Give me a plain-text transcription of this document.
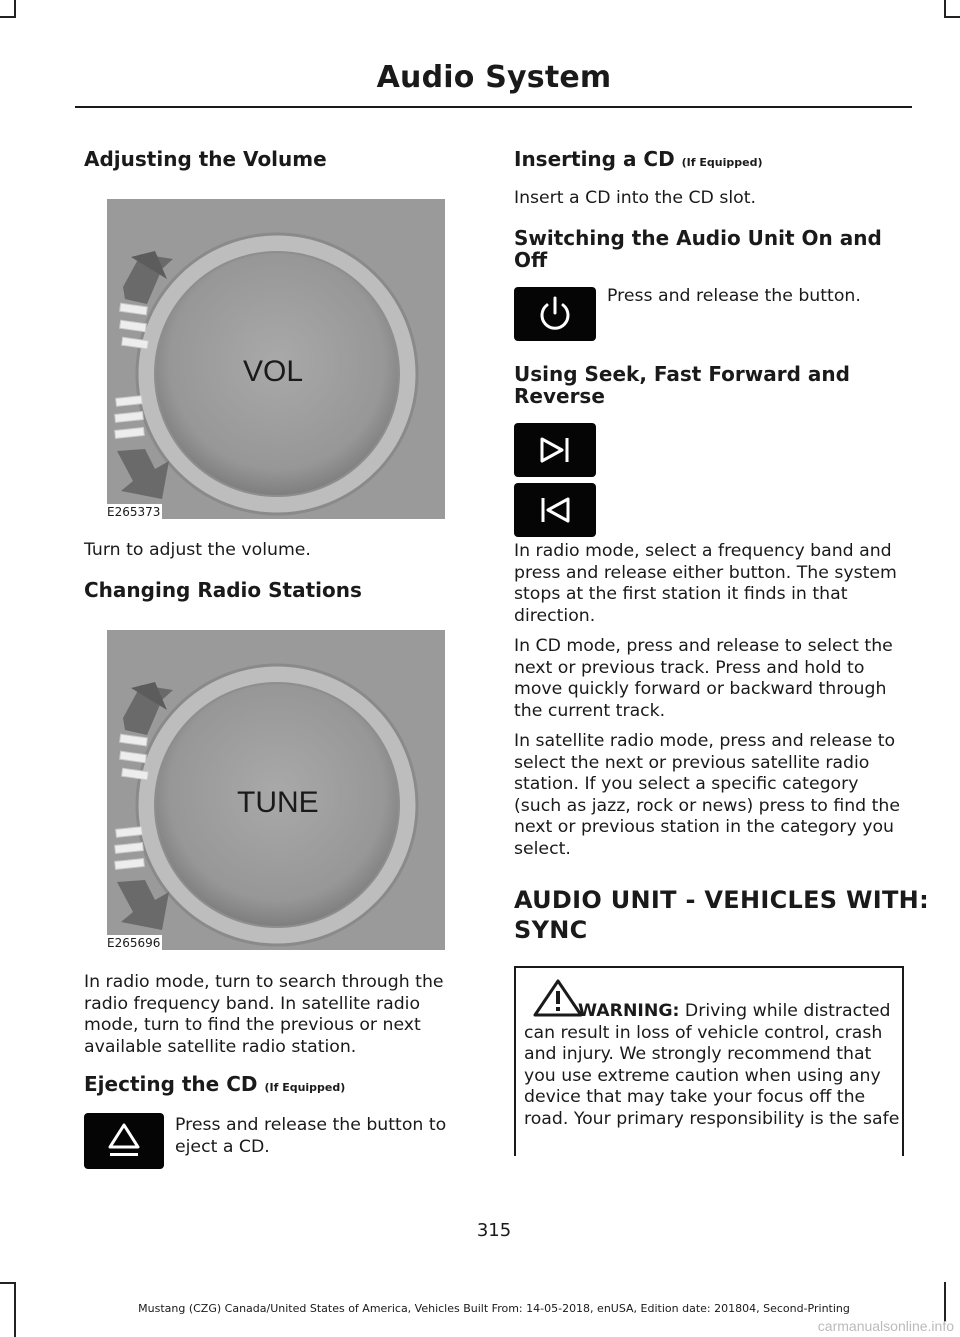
Audio System
Adjusting the Volume
VOL
E265373
Turn to adjust the volume.
Changing Radio Stations
TUNE
E265696
In radio mode, turn to search through the radio frequency band. In satellite radio mode, turn to find the previous or next available satellite radio station.
Ejecting the CD (If Equipped)
Press and release the button to eject a CD.
Inserting a CD (If Equipped)
Insert a CD into the CD slot.
Switching the Audio Unit On and Off
Press and release the button.
Using Seek, Fast Forward and Reverse

In radio mode, select a frequency band and press and release either button. The system stops at the first station it finds in that direction.

In CD mode, press and release to select the next or previous track. Press and hold to move quickly forward or backward through the current track.

In satellite radio mode, press and release to select the next or previous satellite radio station. If you select a specific category (such as jazz, rock or news) press to find the next or previous station in the category you select.

AUDIO UNIT - VEHICLES WITH:
SYNC
WARNING: Driving while distracted can result in loss of vehicle control, crash and injury. We strongly recommend that you use extreme caution when using any device that may take your focus off the road. Your primary responsibility is the safe
315
Mustang (CZG) Canada/United States of America, Vehicles Built From: 14-05-2018, enUSA, Edition date: 201804, Second-Printing
carmanualsonline.info
